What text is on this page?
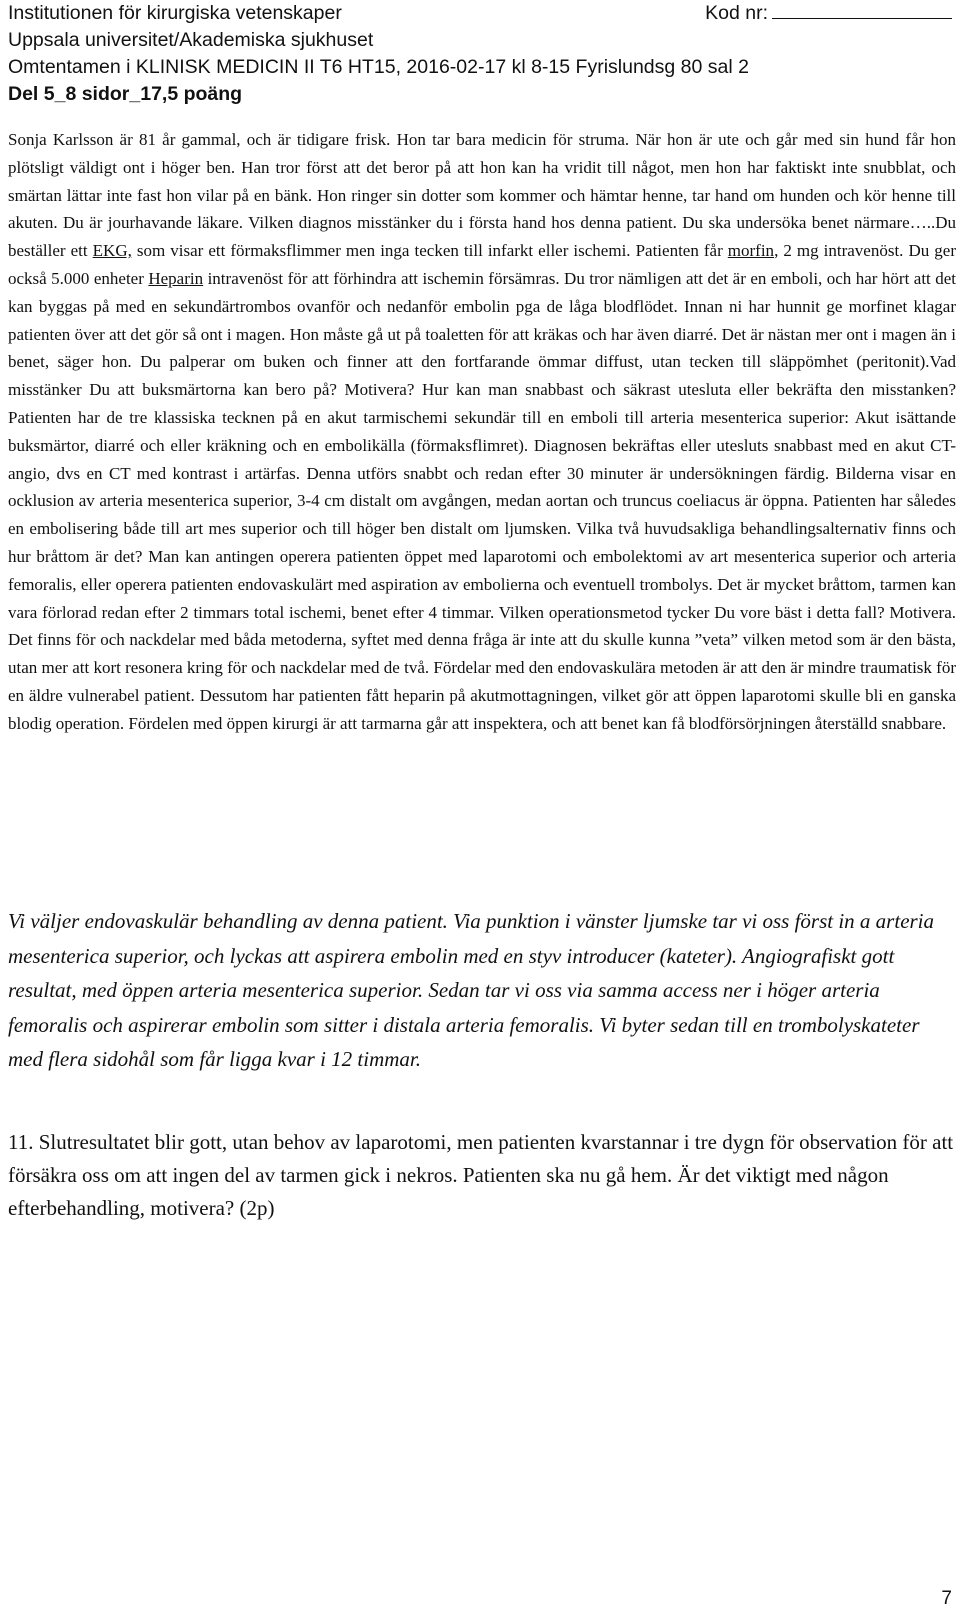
Institutionen för kirurgiska vetenskaper
Uppsala universitet/Akademiska sjukhuset
Omtentamen i KLINISK MEDICIN II T6 HT15, 2016-02-17 kl 8-15 Fyrislundsg 80 sal 2
Del 5_8 sidor_17,5 poäng
Kod nr:

Sonja Karlsson är 81 år gammal, och är tidigare frisk. Hon tar bara medicin för struma. När hon är ute och går med sin hund får hon plötsligt väldigt ont i höger ben. Han tror först att det beror på att hon kan ha vridit till något, men hon har faktiskt inte snubblat, och smärtan lättar inte fast hon vilar på en bänk. Hon ringer sin dotter som kommer och hämtar henne, tar hand om hunden och kör henne till akuten. Du är jourhavande läkare. Vilken diagnos misstänker du i första hand hos denna patient. Du ska undersöka benet närmare…..Du beställer ett EKG, som visar ett förmaksflimmer men inga tecken till infarkt eller ischemi. Patienten får morfin, 2 mg intravenöst. Du ger också 5.000 enheter Heparin intravenöst för att förhindra att ischemin försämras. Du tror nämligen att det är en emboli, och har hört att det kan byggas på med en sekundärtrombos ovanför och nedanför embolin pga de låga blodflödet. Innan ni har hunnit ge morfinet klagar patienten över att det gör så ont i magen. Hon måste gå ut på toaletten för att kräkas och har även diarré. Det är nästan mer ont i magen än i benet, säger hon. Du palperar om buken och finner att den fortfarande ömmar diffust, utan tecken till släppömhet (peritonit).Vad misstänker Du att buksmärtorna kan bero på? Motivera? Hur kan man snabbast och säkrast utesluta eller bekräfta den misstanken? Patienten har de tre klassiska tecknen på en akut tarmischemi sekundär till en emboli till arteria mesenterica superior: Akut isättande buksmärtor, diarré och eller kräkning och en embolikälla (förmaksflimret). Diagnosen bekräftas eller utesluts snabbast med en akut CT-angio, dvs en CT med kontrast i artärfas. Denna utförs snabbt och redan efter 30 minuter är undersökningen färdig. Bilderna visar en ocklusion av arteria mesenterica superior, 3-4 cm distalt om avgången, medan aortan och truncus coeliacus är öppna. Patienten har således en embolisering både till art mes superior och till höger ben distalt om ljumsken. Vilka två huvudsakliga behandlingsalternativ finns och hur bråttom är det? Man kan antingen operera patienten öppet med laparotomi och embolektomi av art mesenterica superior och arteria femoralis, eller operera patienten endovaskulärt med aspiration av embolierna och eventuell trombolys. Det är mycket bråttom, tarmen kan vara förlorad redan efter 2 timmars total ischemi, benet efter 4 timmar. Vilken operationsmetod tycker Du vore bäst i detta fall? Motivera. Det finns för och nackdelar med båda metoderna, syftet med denna fråga är inte att du skulle kunna ”veta” vilken metod som är den bästa, utan mer att kort resonera kring för och nackdelar med de två. Fördelar med den endovaskulära metoden är att den är mindre traumatisk för en äldre vulnerabel patient. Dessutom har patienten fått heparin på akutmottagningen, vilket gör att öppen laparotomi skulle bli en ganska blodig operation. Fördelen med öppen kirurgi är att tarmarna går att inspektera, och att benet kan få blodförsörjningen återställd snabbare.

Vi väljer endovaskulär behandling av denna patient. Via punktion i vänster ljumske tar vi oss först in a arteria mesenterica superior, och lyckas att aspirera embolin med en styv introducer (kateter). Angiografiskt gott resultat, med öppen arteria mesenterica superior. Sedan tar vi oss via samma access ner i höger arteria femoralis och aspirerar embolin som sitter i distala arteria femoralis. Vi byter sedan till en trombolyskateter med flera sidohål som får ligga kvar i 12 timmar.

11. Slutresultatet blir gott, utan behov av laparotomi, men patienten kvarstannar i tre dygn för observation för att försäkra oss om att ingen del av tarmen gick i nekros. Patienten ska nu gå hem. Är det viktigt med någon efterbehandling, motivera? (2p)

7
